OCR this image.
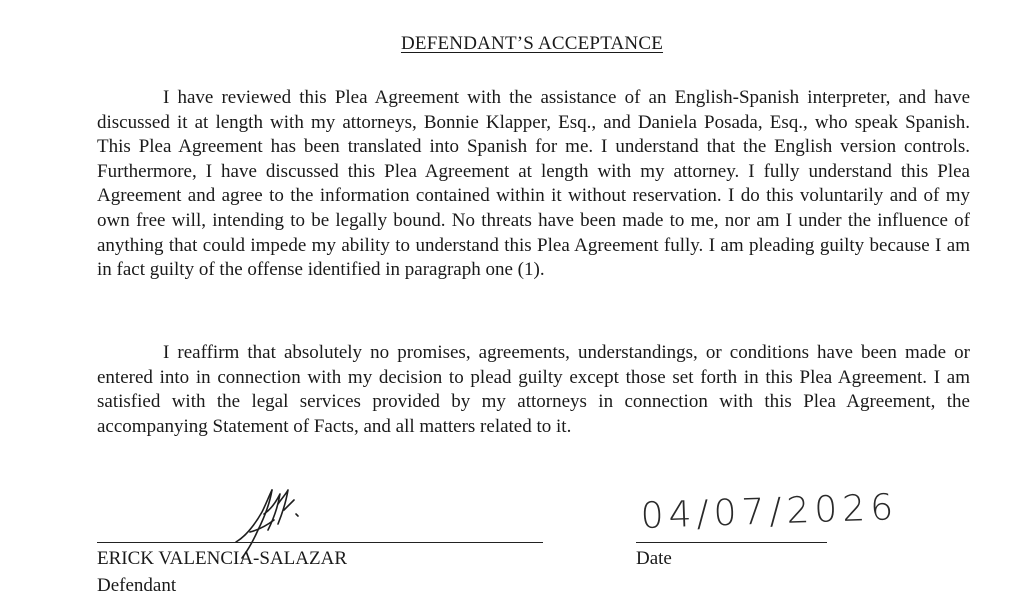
DEFENDANT’S ACCEPTANCE

I have reviewed this Plea Agreement with the assistance of an English-Spanish interpreter, and have discussed it at length with my attorneys, Bonnie Klapper, Esq., and Daniela Posada, Esq., who speak Spanish. This Plea Agreement has been translated into Spanish for me. I understand that the English version controls. Furthermore, I have discussed this Plea Agreement at length with my attorney. I fully understand this Plea Agreement and agree to the information contained within it without reservation. I do this voluntarily and of my own free will, intending to be legally bound. No threats have been made to me, nor am I under the influence of anything that could impede my ability to understand this Plea Agreement fully. I am pleading guilty because I am in fact guilty of the offense identified in paragraph one (1).

I reaffirm that absolutely no promises, agreements, understandings, or conditions have been made or entered into in connection with my decision to plead guilty except those set forth in this Plea Agreement. I am satisfied with the legal services provided by my attorneys in connection with this Plea Agreement, the accompanying Statement of Facts, and all matters related to it.

ERICK VALENCIA-SALAZAR
Defendant
04/07/2026
Date
